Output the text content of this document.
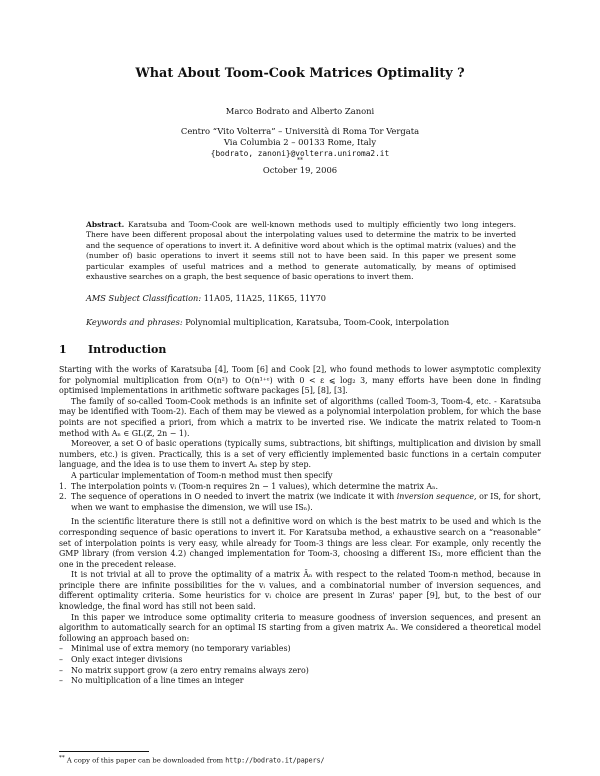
What About Toom-Cook Matrices Optimality ?
Marco Bodrato and Alberto Zanoni
Centro “Vito Volterra” – Università di Roma Tor Vergata
Via Columbia 2 – 00133 Rome, Italy
{bodrato, zanoni}@volterra.uniroma2.it
**
October 19, 2006
Abstract. Karatsuba and Toom-Cook are well-known methods used to multiply efficiently two long integers. There have been different proposal about the interpolating values used to determine the matrix to be inverted and the sequence of operations to invert it. A definitive word about which is the optimal matrix (values) and the (number of) basic operations to invert it seems still not to have been said. In this paper we present some particular examples of useful matrices and a method to generate automatically, by means of optimised exhaustive searches on a graph, the best sequence of basic operations to invert them.
AMS Subject Classification: 11A05, 11A25, 11K65, 11Y70
Keywords and phrases: Polynomial multiplication, Karatsuba, Toom-Cook, interpolation
1 Introduction

Starting with the works of Karatsuba [4], Toom [6] and Cook [2], who found methods to lower asymptotic complexity for polynomial multiplication from O(n²) to O(n¹⁺ᵋ) with 0 < ε ⩽ log₂ 3, many efforts have been done in finding optimised implementations in arithmetic software packages [5], [8], [3].

The family of so-called Toom-Cook methods is an infinite set of algorithms (called Toom-3, Toom-4, etc. - Karatsuba may be identified with Toom-2). Each of them may be viewed as a polynomial interpolation problem, for which the base points are not specified a priori, from which a matrix to be inverted rise. We indicate the matrix related to Toom-n method with Aₙ ∈ GL(ℤ, 2n − 1).

Moreover, a set O of basic operations (typically sums, subtractions, bit shiftings, multiplication and division by small numbers, etc.) is given. Practically, this is a set of very efficiently implemented basic functions in a certain computer language, and the idea is to use them to invert Aₙ step by step.

A particular implementation of Toom-n method must then specify

1. The interpolation points vᵢ (Toom-n requires 2n − 1 values), which determine the matrix Aₙ.
2. The sequence of operations in O needed to invert the matrix (we indicate it with inversion sequence, or IS, for short, when we want to emphasise the dimension, we will use ISₙ).

In the scientific literature there is still not a definitive word on which is the best matrix to be used and which is the corresponding sequence of basic operations to invert it. For Karatsuba method, a exhaustive search on a “reasonable” set of interpolation points is very easy, while already for Toom-3 things are less clear. For example, only recently the GMP library (from version 4.2) changed implementation for Toom-3, choosing a different IS₃, more efficient than the one in the precedent release.

It is not trivial at all to prove the optimality of a matrix Āₙ with respect to the related Toom-n method, because in principle there are infinite possibilities for the vᵢ values, and a combinatorial number of inversion sequences, and different optimality criteria. Some heuristics for vᵢ choice are present in Zuras' paper [9], but, to the best of our knowledge, the final word has still not been said.

In this paper we introduce some optimality criteria to measure goodness of inversion sequences, and present an algorithm to automatically search for an optimal IS starting from a given matrix Aₙ. We considered a theoretical model following an approach based on:

– Minimal use of extra memory (no temporary variables)
– Only exact integer divisions
– No matrix support grow (a zero entry remains always zero)
– No multiplication of a line times an integer
** A copy of this paper can be downloaded from http://bodrato.it/papers/
